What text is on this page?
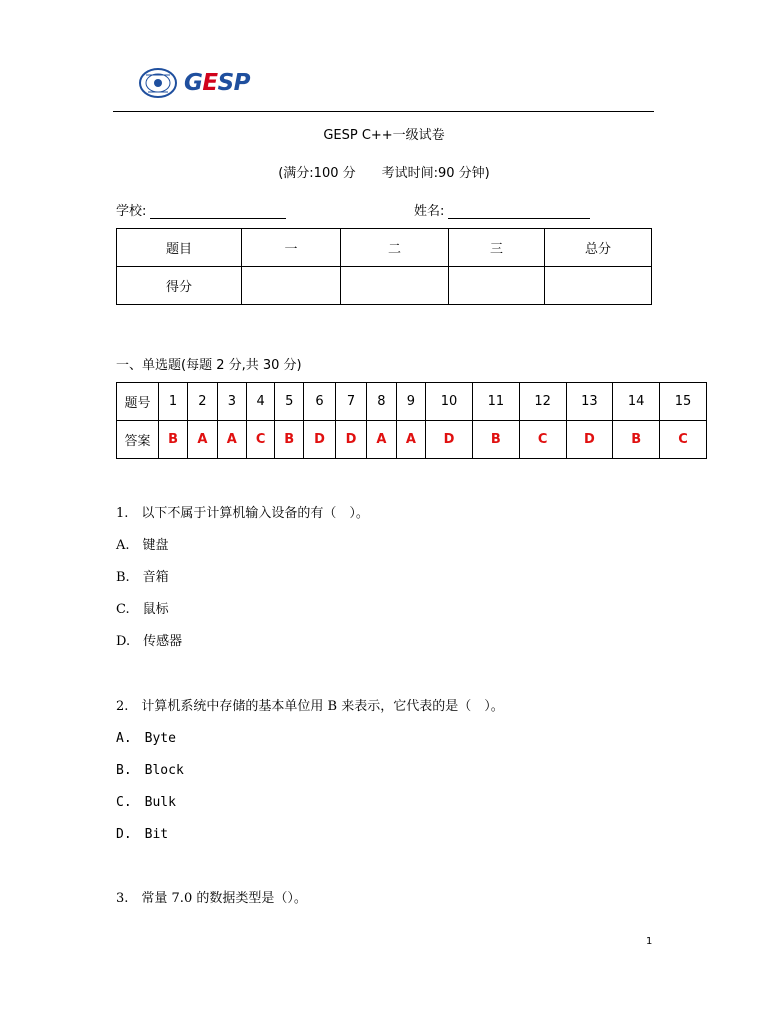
GESP
GESP C++一级试卷
(满分:100 分　　考试时间:90 分钟)
学校:	姓名:
题目	一	二	三	总分
得分				
一、单选题(每题 2 分,共 30 分)
题号	1	2	3	4	5	6	7	8	9	10	11	12	13	14	15
答案	B	A	A	C	B	D	D	A	A	D	B	C	D	B	C
1.　以下不属于计算机输入设备的有（　）。
A.　键盘
B.　音箱
C.　鼠标
D.　传感器
2.　计算机系统中存储的基本单位用 B 来表示，它代表的是（　）。
A.　Byte
B.　Block
C.　Bulk
D.　Bit
3.　常量 7.0 的数据类型是（）。
1
